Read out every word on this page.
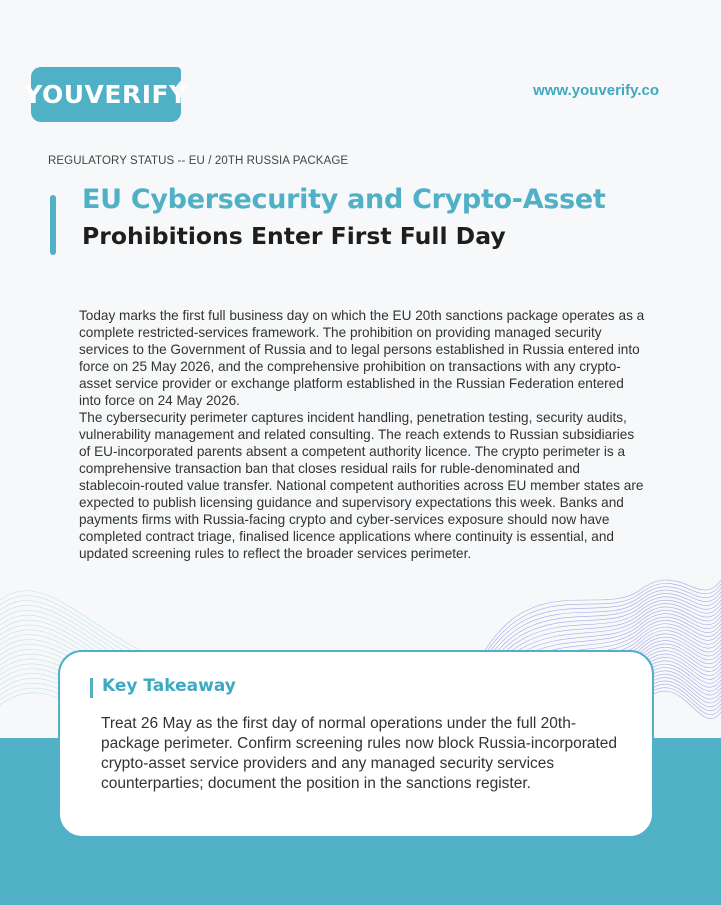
YOUVERIFY	www.youverify.co
REGULATORY STATUS -- EU / 20TH RUSSIA PACKAGE
EU Cybersecurity and Crypto-Asset
Prohibitions Enter First Full Day

Today marks the first full business day on which the EU 20th sanctions package operates as a complete restricted-services framework. The prohibition on providing managed security services to the Government of Russia and to legal persons established in Russia entered into force on 25 May 2026, and the comprehensive prohibition on transactions with any crypto-asset service provider or exchange platform established in the Russian Federation entered into force on 24 May 2026.

The cybersecurity perimeter captures incident handling, penetration testing, security audits, vulnerability management and related consulting. The reach extends to Russian subsidiaries of EU-incorporated parents absent a competent authority licence. The crypto perimeter is a comprehensive transaction ban that closes residual rails for ruble-denominated and stablecoin-routed value transfer. National competent authorities across EU member states are expected to publish licensing guidance and supervisory expectations this week. Banks and payments firms with Russia-facing crypto and cyber-services exposure should now have completed contract triage, finalised licence applications where continuity is essential, and updated screening rules to reflect the broader services perimeter.

Key Takeaway
Treat 26 May as the first day of normal operations under the full 20th-package perimeter. Confirm screening rules now block Russia-incorporated crypto-asset service providers and any managed security services counterparties; document the position in the sanctions register.
